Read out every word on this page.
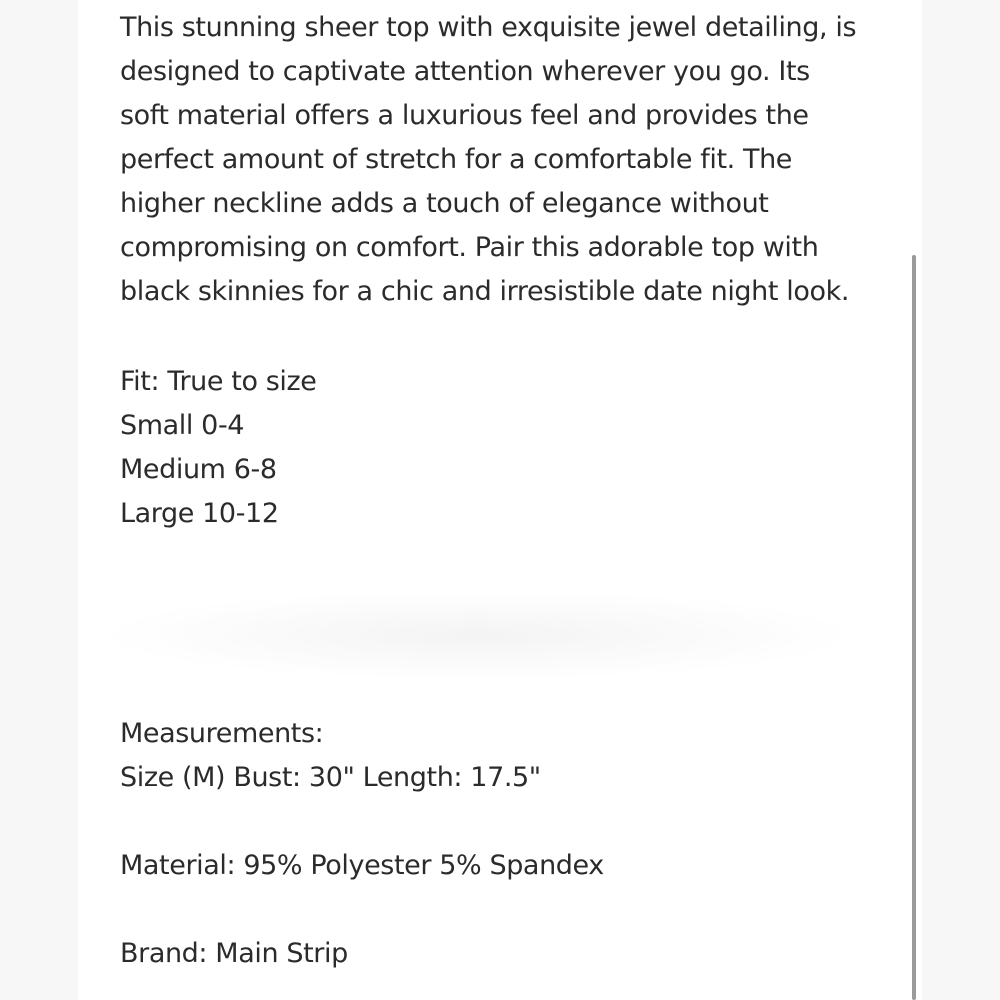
This stunning sheer top with exquisite jewel detailing, is
designed to captivate attention wherever you go. Its
soft material offers a luxurious feel and provides the
perfect amount of stretch for a comfortable fit. The
higher neckline adds a touch of elegance without
compromising on comfort. Pair this adorable top with
black skinnies for a chic and irresistible date night look.
Fit: True to size
Small 0-4
Medium 6-8
Large 10-12
Measurements:
Size (M) Bust: 30" Length: 17.5"
Material: 95% Polyester 5% Spandex
Brand: Main Strip
